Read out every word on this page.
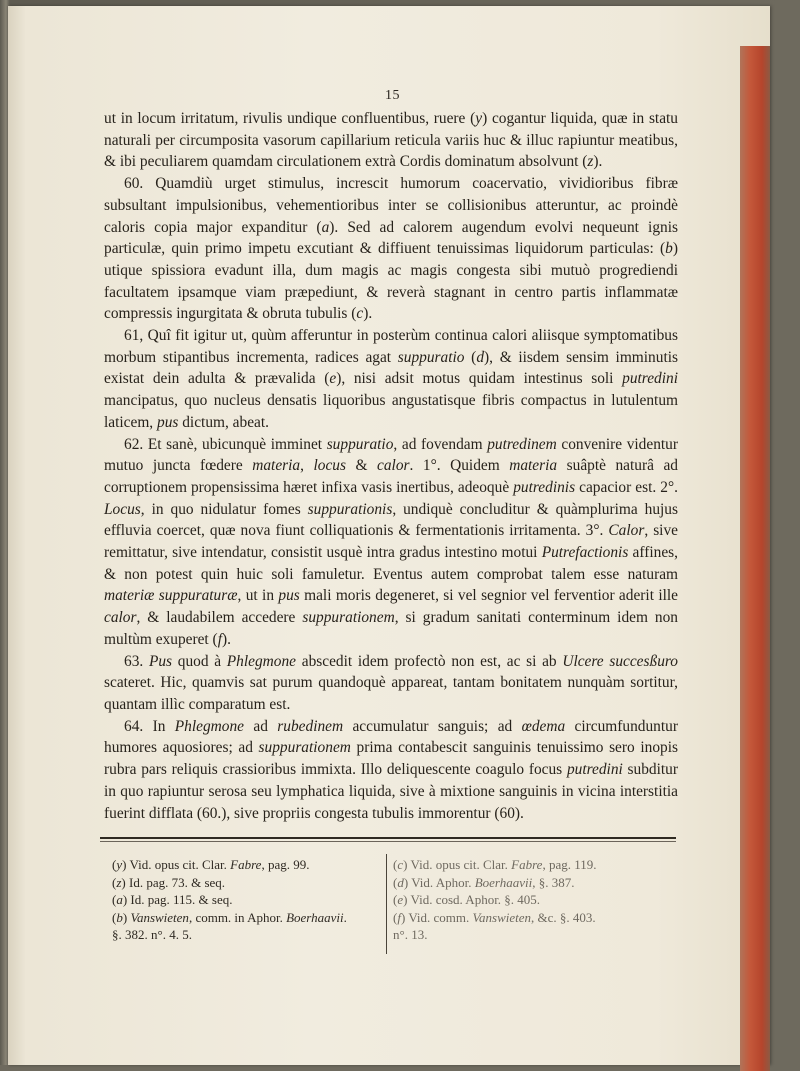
15

ut in locum irritatum, rivulis undique confluentibus, ruere (y) cogantur liquida, quæ in statu naturali per circumposita vasorum capillarium reticula variis huc & illuc rapiuntur meatibus, & ibi peculiarem quamdam circulationem extrà Cordis dominatum absolvunt (z).

60. Quamdiù urget stimulus, increscit humorum coacervatio, vividioribus fibræ subsultant impulsionibus, vehementioribus inter se collisionibus atteruntur, ac proindè caloris copia major expanditur (a). Sed ad calorem augendum evolvi nequeunt ignis particulæ, quin primo impetu excutiant & diffiuent tenuissimas liquidorum particulas: (b) utique spissiora evadunt illa, dum magis ac magis congesta sibi mutuò progrediendi facultatem ipsamque viam præpediunt, & reverà stagnant in centro partis inflammatæ compressis ingurgitata & obruta tubulis (c).

61, Quî fit igitur ut, quùm afferuntur in posterùm continua calori aliisque symptomatibus morbum stipantibus incrementa, radices agat suppuratio (d), & iisdem sensim imminutis existat dein adulta & prævalida (e), nisi adsit motus quidam intestinus soli putredini mancipatus, quo nucleus densatis liquoribus angustatisque fibris compactus in lutulentum laticem, pus dictum, abeat.

62. Et sanè, ubicunquè imminet suppuratio, ad fovendam putredinem convenire videntur mutuo juncta fœdere materia, locus & calor. 1°. Quidem materia suâptè naturâ ad corruptionem propensissima hæret infixa vasis inertibus, adeoquè putredinis capacior est. 2°. Locus, in quo nidulatur fomes suppurationis, undiquè concluditur & quàmplurima hujus effluvia coercet, quæ nova fiunt colliquationis & fermentationis irritamenta. 3°. Calor, sive remittatur, sive intendatur, consistit usquè intra gradus intestino motui Putrefactionis affines, & non potest quin huic soli famuletur. Eventus autem comprobat talem esse naturam materiæ suppuraturæ, ut in pus mali moris degeneret, si vel segnior vel ferventior aderit ille calor, & laudabilem accedere suppurationem, si gradum sanitati conterminum idem non multùm exuperet (f).

63. Pus quod à Phlegmone abscedit idem profectò non est, ac si ab Ulcere succesßuro scateret. Hic, quamvis sat purum quandoquè appareat, tantam bonitatem nunquàm sortitur, quantam illìc comparatum est.

64. In Phlegmone ad rubedinem accumulatur sanguis; ad œdema circumfunduntur humores aquosiores; ad suppurationem prima contabescit sanguinis tenuissimo sero inopis rubra pars reliquis crassioribus immixta. Illo deliquescente coagulo focus putredini subditur in quo rapiuntur serosa seu lymphatica liquida, sive à mixtione sanguinis in vicina interstitia fuerint difflata (60.), sive propriis congesta tubulis immorentur (60).

(y) Vid. opus cit. Clar. Fabre, pag. 99.
(z) Id. pag. 73. & seq.
(a) Id. pag. 115. & seq.
(b) Vanswieten, comm. in Aphor. Boerhaavii.
§. 382. n°. 4. 5.
(c) Vid. opus cit. Clar. Fabre, pag. 119.
(d) Vid. Aphor. Boerhaavii, §. 387.
(e) Vid. cosd. Aphor. §. 405.
(f) Vid. comm. Vanswieten, &c. §. 403.
n°. 13.
